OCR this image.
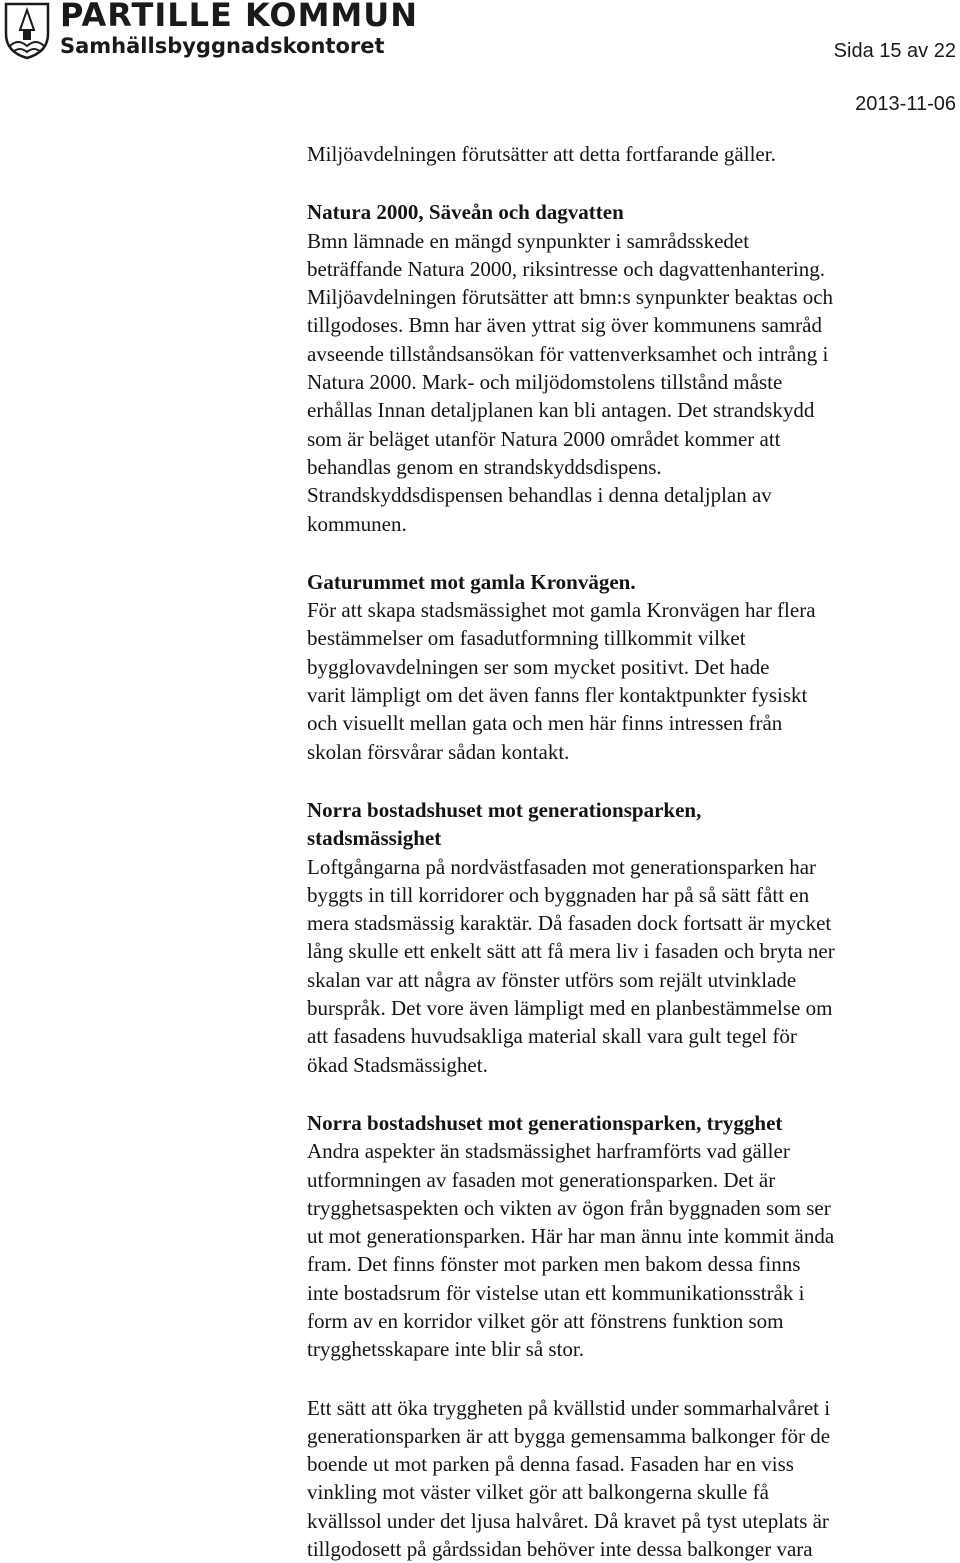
PARTILLE KOMMUN
Samhällsbyggnadskontoret	Sida 15 av 22
2013-11-06

Miljöavdelningen förutsätter att detta fortfarande gäller.

Natura 2000, Säveån och dagvatten

Bmn lämnade en mängd synpunkter i samrådsskedet
beträffande Natura 2000, riksintresse och dagvattenhantering.
Miljöavdelningen förutsätter att bmn:s synpunkter beaktas och
tillgodoses. Bmn har även yttrat sig över kommunens samråd
avseende tillståndsansökan för vattenverksamhet och intrång i
Natura 2000. Mark- och miljödomstolens tillstånd måste
erhållas Innan detaljplanen kan bli antagen. Det strandskydd
som är beläget utanför Natura 2000 området kommer att
behandlas genom en strandskyddsdispens.
Strandskyddsdispensen behandlas i denna detaljplan av
kommunen.

Gaturummet mot gamla Kronvägen.

För att skapa stadsmässighet mot gamla Kronvägen har flera
bestämmelser om fasadutformning tillkommit vilket
bygglovavdelningen ser som mycket positivt. Det hade
varit lämpligt om det även fanns fler kontaktpunkter fysiskt
och visuellt mellan gata och men här finns intressen från
skolan försvårar sådan kontakt.

Norra bostadshuset mot generationsparken,
stadsmässighet

Loftgångarna på nordvästfasaden mot generationsparken har
byggts in till korridorer och byggnaden har på så sätt fått en
mera stadsmässig karaktär. Då fasaden dock fortsatt är mycket
lång skulle ett enkelt sätt att få mera liv i fasaden och bryta ner
skalan var att några av fönster utförs som rejält utvinklade
burspråk. Det vore även lämpligt med en planbestämmelse om
att fasadens huvudsakliga material skall vara gult tegel för
ökad Stadsmässighet.

Norra bostadshuset mot generationsparken, trygghet

Andra aspekter än stadsmässighet harframförts vad gäller
utformningen av fasaden mot generationsparken. Det är
trygghetsaspekten och vikten av ögon från byggnaden som ser
ut mot generationsparken. Här har man ännu inte kommit ända
fram. Det finns fönster mot parken men bakom dessa finns
inte bostadsrum för vistelse utan ett kommunikationsstråk i
form av en korridor vilket gör att fönstrens funktion som
trygghetsskapare inte blir så stor.

Ett sätt att öka tryggheten på kvällstid under sommarhalvåret i
generationsparken är att bygga gemensamma balkonger för de
boende ut mot parken på denna fasad. Fasaden har en viss
vinkling mot väster vilket gör att balkongerna skulle få
kvällssol under det ljusa halvåret. Då kravet på tyst uteplats är
tillgodosett på gårdssidan behöver inte dessa balkonger vara
